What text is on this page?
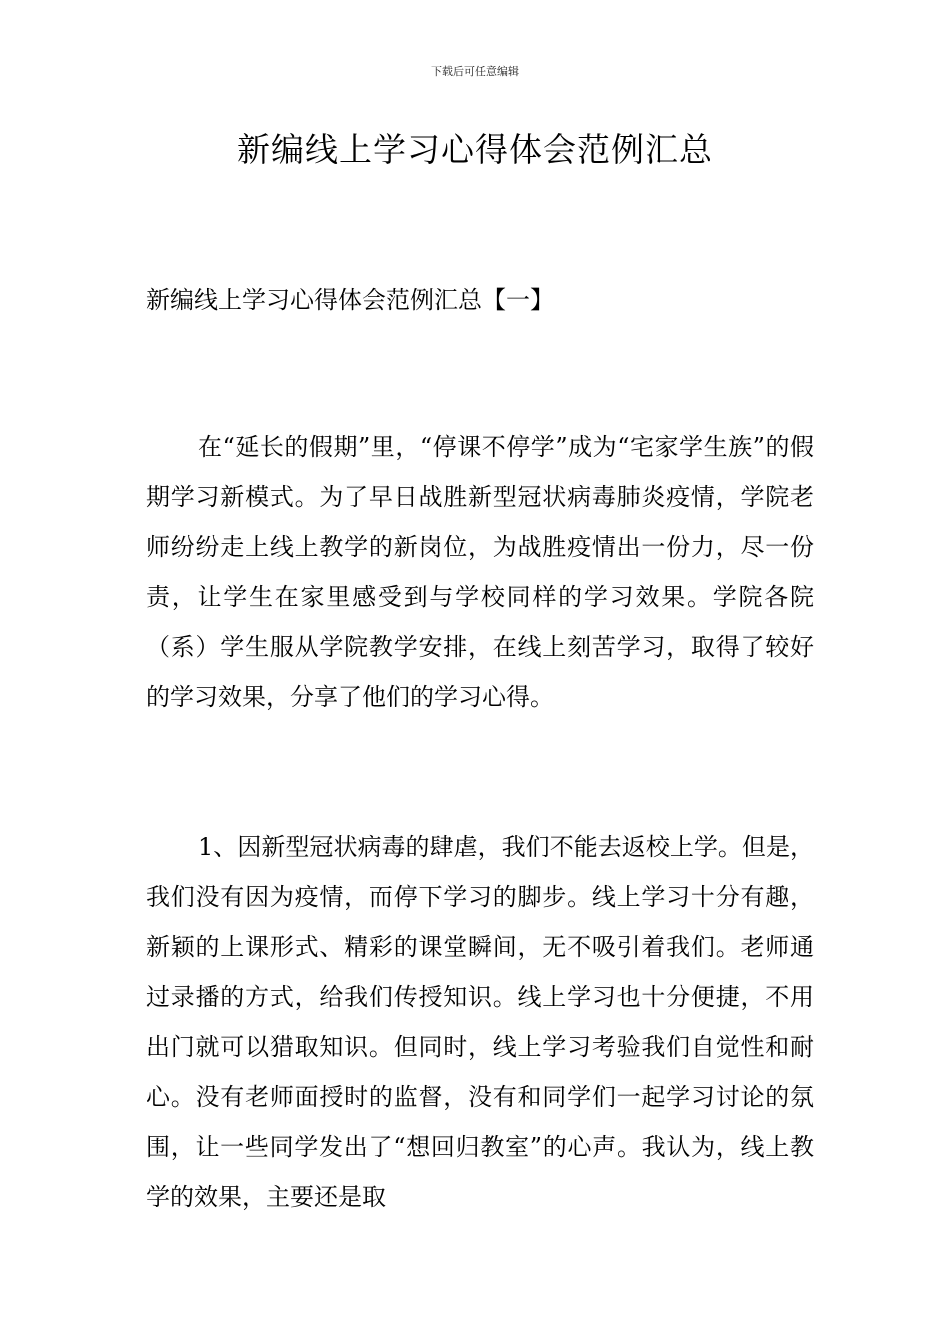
下载后可任意编辑
新编线上学习心得体会范例汇总
新编线上学习心得体会范例汇总【一】

在“延长的假期”里，“停课不停学”成为“宅家学生族”的假期学习新模式。为了早日战胜新型冠状病毒肺炎疫情，学院老师纷纷走上线上教学的新岗位，为战胜疫情出一份力，尽一份责，让学生在家里感受到与学校同样的学习效果。学院各院（系）学生服从学院教学安排，在线上刻苦学习，取得了较好的学习效果，分享了他们的学习心得。

1、因新型冠状病毒的肆虐，我们不能去返校上学。但是，我们没有因为疫情，而停下学习的脚步。线上学习十分有趣，新颖的上课形式、精彩的课堂瞬间，无不吸引着我们。老师通过录播的方式，给我们传授知识。线上学习也十分便捷，不用出门就可以猎取知识。但同时，线上学习考验我们自觉性和耐心。没有老师面授时的监督，没有和同学们一起学习讨论的氛围，让一些同学发出了“想回归教室”的心声。我认为，线上教学的效果，主要还是取
